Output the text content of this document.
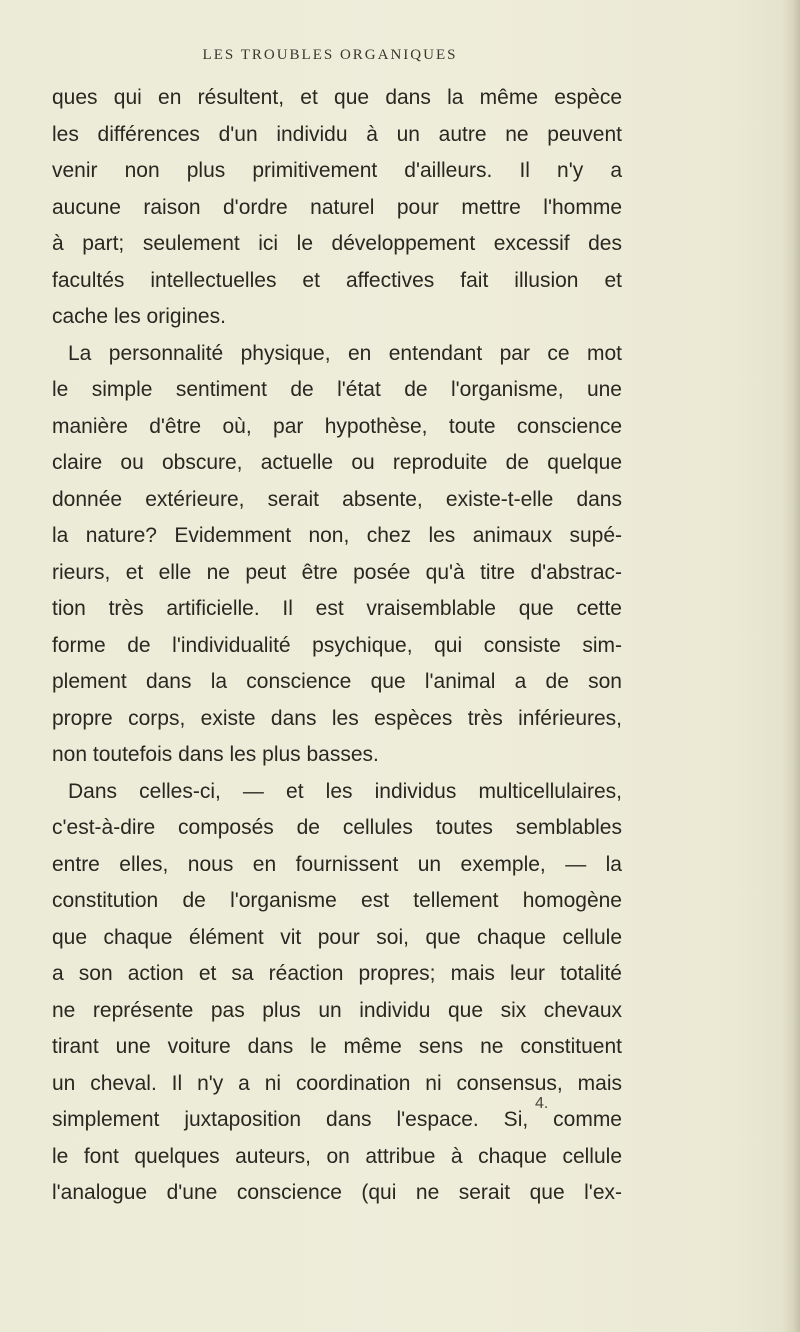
LES TROUBLES ORGANIQUES
ques qui en résultent, et que dans la même espèce
les différences d'un individu à un autre ne peuvent
venir non plus primitivement d'ailleurs. Il n'y a
aucune raison d'ordre naturel pour mettre l'homme
à part; seulement ici le développement excessif des
facultés intellectuelles et affectives fait illusion et
cache les origines.
La personnalité physique, en entendant par ce mot
le simple sentiment de l'état de l'organisme, une
manière d'être où, par hypothèse, toute conscience
claire ou obscure, actuelle ou reproduite de quelque
donnée extérieure, serait absente, existe-t-elle dans
la nature? Evidemment non, chez les animaux supé-
rieurs, et elle ne peut être posée qu'à titre d'abstrac-
tion très artificielle. Il est vraisemblable que cette
forme de l'individualité psychique, qui consiste sim-
plement dans la conscience que l'animal a de son
propre corps, existe dans les espèces très inférieures,
non toutefois dans les plus basses.
Dans celles-ci, — et les individus multicellulaires,
c'est-à-dire composés de cellules toutes semblables
entre elles, nous en fournissent un exemple, — la
constitution de l'organisme est tellement homogène
que chaque élément vit pour soi, que chaque cellule
a son action et sa réaction propres; mais leur totalité
ne représente pas plus un individu que six chevaux
tirant une voiture dans le même sens ne constituent
un cheval. Il n'y a ni coordination ni consensus, mais
simplement juxtaposition dans l'espace. Si, comme
le font quelques auteurs, on attribue à chaque cellule
l'analogue d'une conscience (qui ne serait que l'ex-
4.
